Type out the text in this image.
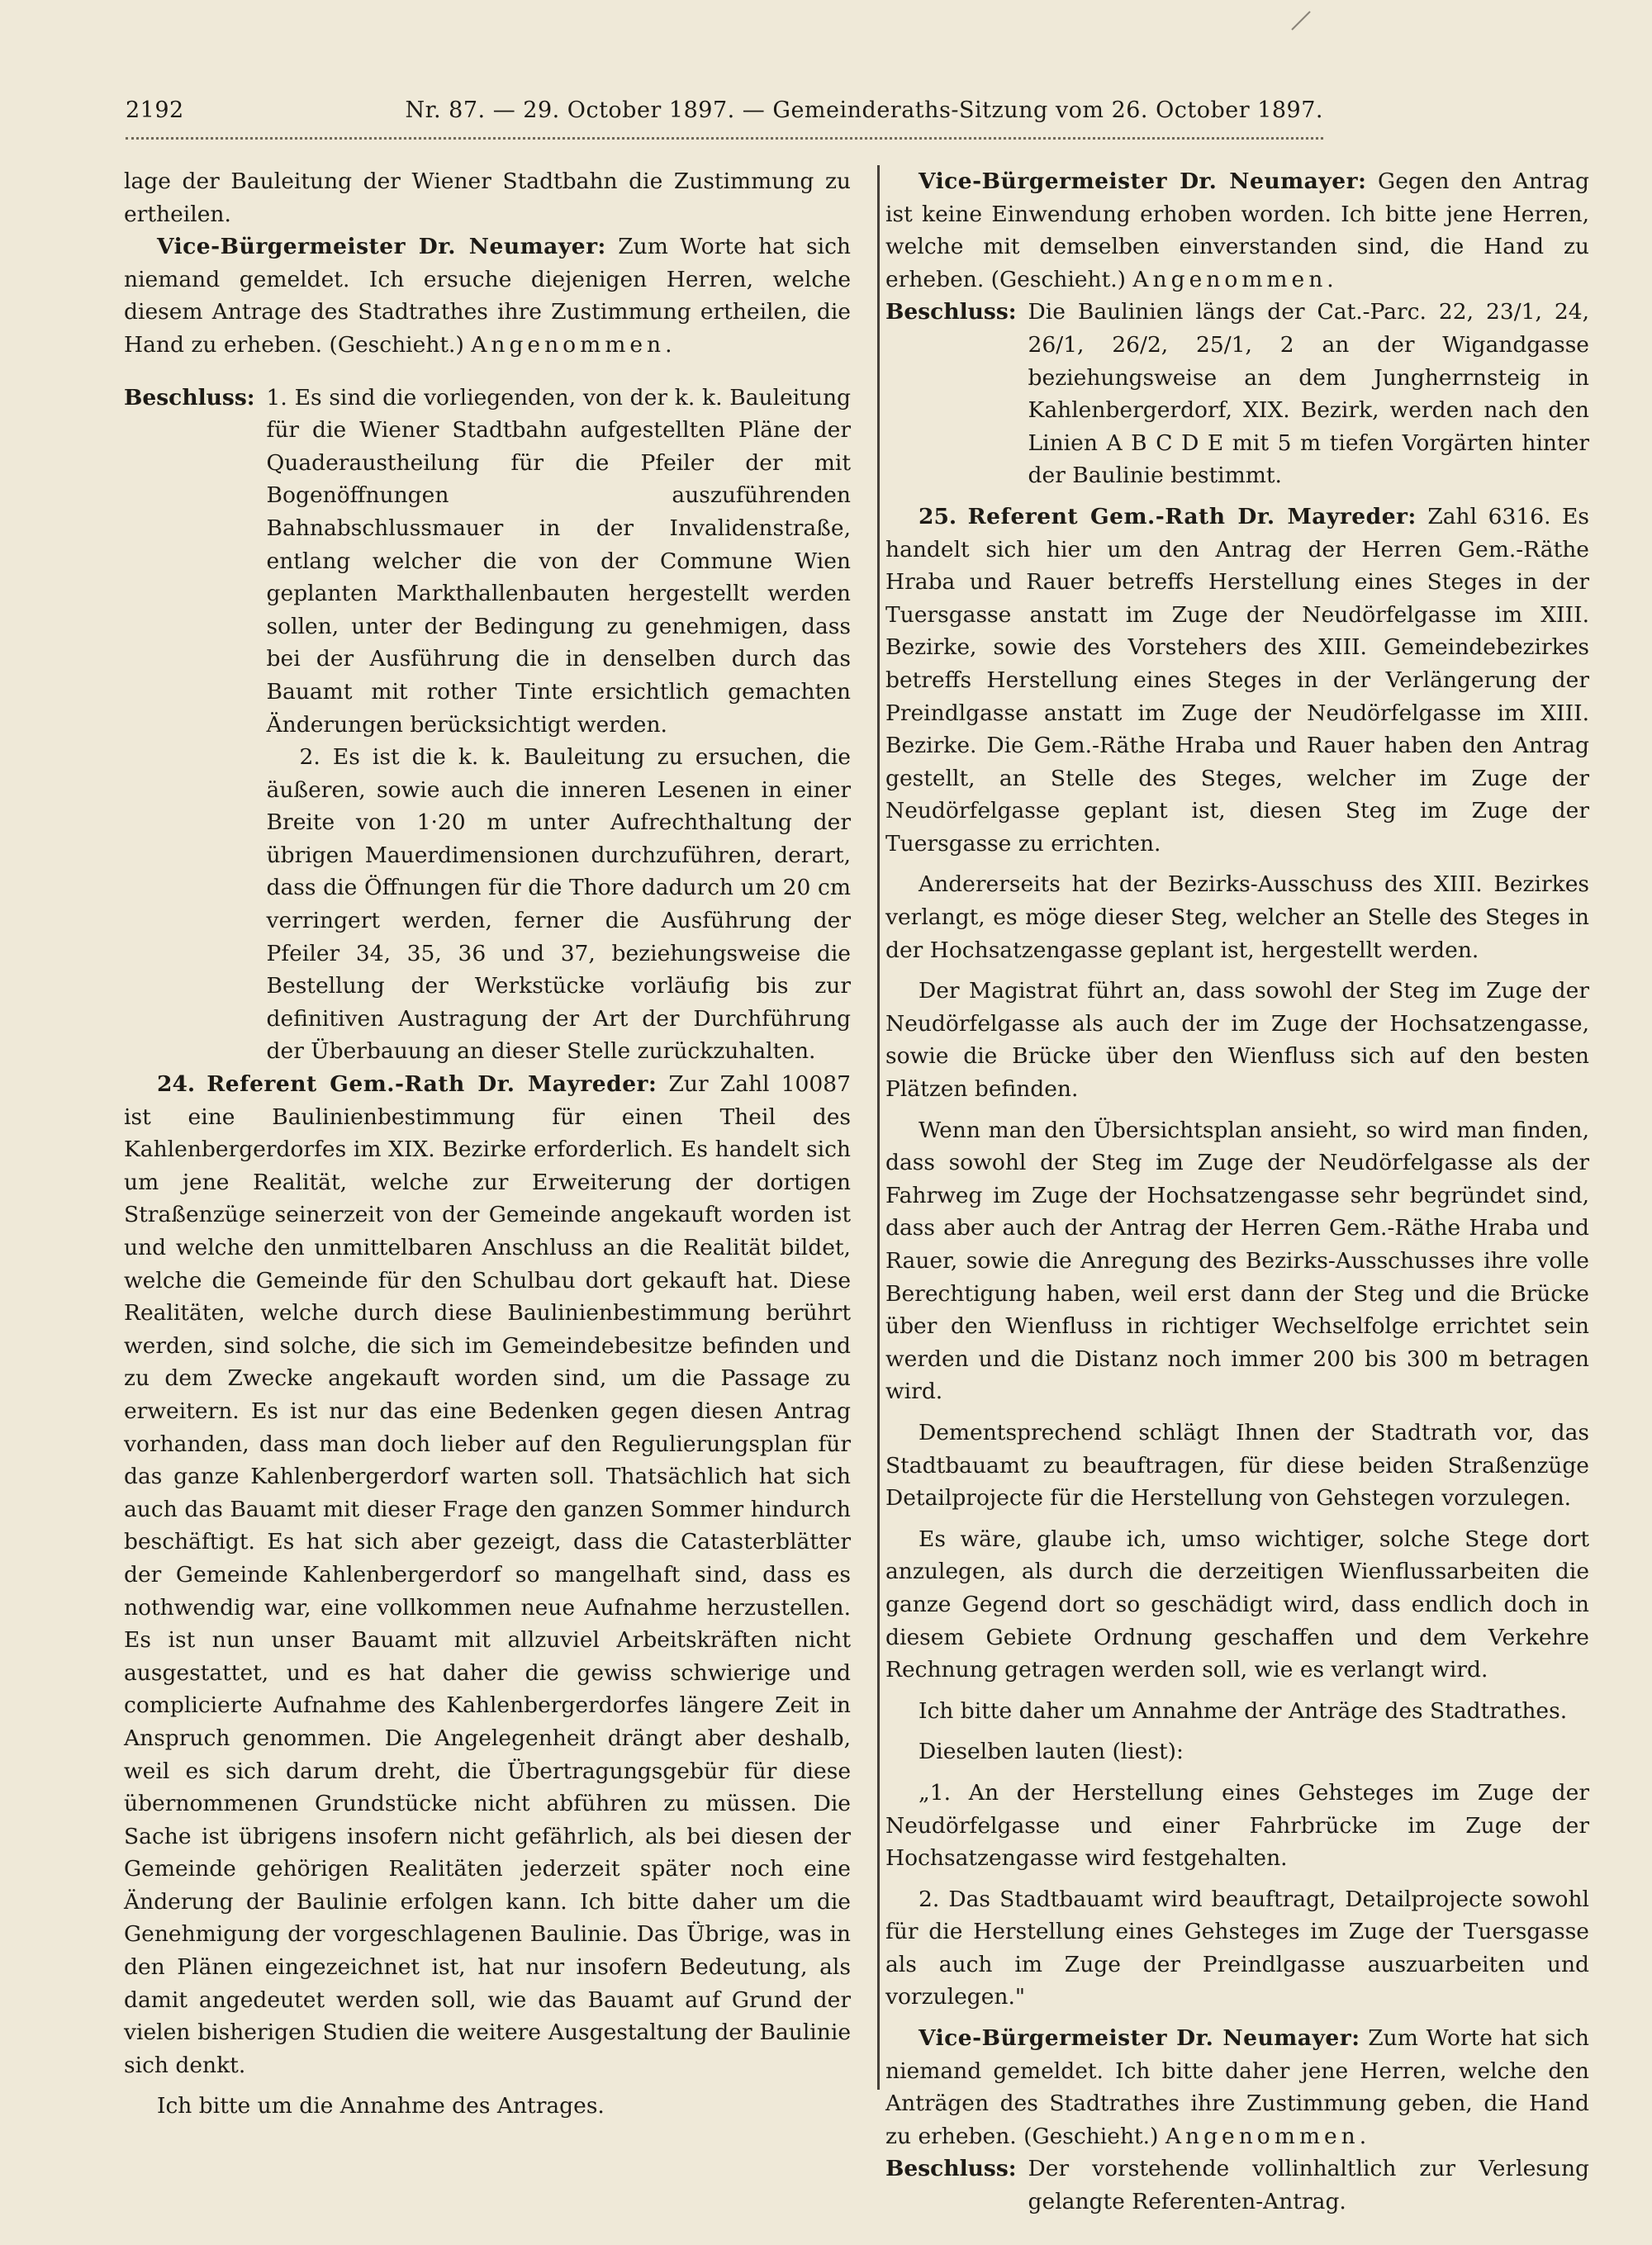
2192	Nr. 87. — 29. October 1897. — Gemeinderaths-Sitzung vom 26. October 1897.

lage der Bauleitung der Wiener Stadtbahn die Zustimmung zu ertheilen.

Vice-Bürgermeister Dr. Neumayer: Zum Worte hat sich niemand gemeldet. Ich ersuche diejenigen Herren, welche diesem Antrage des Stadtrathes ihre Zustimmung ertheilen, die Hand zu erheben. (Geschieht.) Angenommen.

Beschluss: 1. Es sind die vorliegenden, von der k. k. Bauleitung für die Wiener Stadtbahn aufgestellten Pläne der Quaderaustheilung für die Pfeiler der mit Bogenöffnungen auszuführenden Bahnabschlussmauer in der Invalidenstraße, entlang welcher die von der Commune Wien geplanten Markthallenbauten hergestellt werden sollen, unter der Bedingung zu genehmigen, dass bei der Ausführung die in denselben durch das Bauamt mit rother Tinte ersichtlich gemachten Änderungen berücksichtigt werden.

2. Es ist die k. k. Bauleitung zu ersuchen, die äußeren, sowie auch die inneren Lesenen in einer Breite von 1·20 m unter Aufrechthaltung der übrigen Mauerdimensionen durchzuführen, derart, dass die Öffnungen für die Thore dadurch um 20 cm verringert werden, ferner die Ausführung der Pfeiler 34, 35, 36 und 37, beziehungsweise die Bestellung der Werkstücke vorläufig bis zur definitiven Austragung der Art der Durchführung der Überbauung an dieser Stelle zurückzuhalten.

24. Referent Gem.-Rath Dr. Mayreder: Zur Zahl 10087 ist eine Baulinienbestimmung für einen Theil des Kahlenbergerdorfes im XIX. Bezirke erforderlich. Es handelt sich um jene Realität, welche zur Erweiterung der dortigen Straßenzüge seinerzeit von der Gemeinde angekauft worden ist und welche den unmittelbaren Anschluss an die Realität bildet, welche die Gemeinde für den Schulbau dort gekauft hat. Diese Realitäten, welche durch diese Baulinienbestimmung berührt werden, sind solche, die sich im Gemeindebesitze befinden und zu dem Zwecke angekauft worden sind, um die Passage zu erweitern. Es ist nur das eine Bedenken gegen diesen Antrag vorhanden, dass man doch lieber auf den Regulierungsplan für das ganze Kahlenbergerdorf warten soll. Thatsächlich hat sich auch das Bauamt mit dieser Frage den ganzen Sommer hindurch beschäftigt. Es hat sich aber gezeigt, dass die Catasterblätter der Gemeinde Kahlenbergerdorf so mangelhaft sind, dass es nothwendig war, eine vollkommen neue Aufnahme herzustellen. Es ist nun unser Bauamt mit allzuviel Arbeitskräften nicht ausgestattet, und es hat daher die gewiss schwierige und complicierte Aufnahme des Kahlenbergerdorfes längere Zeit in Anspruch genommen. Die Angelegenheit drängt aber deshalb, weil es sich darum dreht, die Übertragungsgebür für diese übernommenen Grundstücke nicht abführen zu müssen. Die Sache ist übrigens insofern nicht gefährlich, als bei diesen der Gemeinde gehörigen Realitäten jederzeit später noch eine Änderung der Baulinie erfolgen kann. Ich bitte daher um die Genehmigung der vorgeschlagenen Baulinie. Das Übrige, was in den Plänen eingezeichnet ist, hat nur insofern Bedeutung, als damit angedeutet werden soll, wie das Bauamt auf Grund der vielen bisherigen Studien die weitere Ausgestaltung der Baulinie sich denkt.

Ich bitte um die Annahme des Antrages.

Vice-Bürgermeister Dr. Neumayer: Gegen den Antrag ist keine Einwendung erhoben worden. Ich bitte jene Herren, welche mit demselben einverstanden sind, die Hand zu erheben. (Geschieht.) Angenommen.

Beschluss: Die Baulinien längs der Cat.-Parc. 22, 23/1, 24, 26/1, 26/2, 25/1, 2 an der Wigandgasse beziehungsweise an dem Jungherrnsteig in Kahlenbergerdorf, XIX. Bezirk, werden nach den Linien A B C D E mit 5 m tiefen Vorgärten hinter der Baulinie bestimmt.

25. Referent Gem.-Rath Dr. Mayreder: Zahl 6316. Es handelt sich hier um den Antrag der Herren Gem.-Räthe Hraba und Rauer betreffs Herstellung eines Steges in der Tuersgasse anstatt im Zuge der Neudörfelgasse im XIII. Bezirke, sowie des Vorstehers des XIII. Gemeindebezirkes betreffs Herstellung eines Steges in der Verlängerung der Preindlgasse anstatt im Zuge der Neudörfelgasse im XIII. Bezirke. Die Gem.-Räthe Hraba und Rauer haben den Antrag gestellt, an Stelle des Steges, welcher im Zuge der Neudörfelgasse geplant ist, diesen Steg im Zuge der Tuersgasse zu errichten.

Andererseits hat der Bezirks-Ausschuss des XIII. Bezirkes verlangt, es möge dieser Steg, welcher an Stelle des Steges in der Hochsatzengasse geplant ist, hergestellt werden.

Der Magistrat führt an, dass sowohl der Steg im Zuge der Neudörfelgasse als auch der im Zuge der Hochsatzengasse, sowie die Brücke über den Wienfluss sich auf den besten Plätzen befinden.

Wenn man den Übersichtsplan ansieht, so wird man finden, dass sowohl der Steg im Zuge der Neudörfelgasse als der Fahrweg im Zuge der Hochsatzengasse sehr begründet sind, dass aber auch der Antrag der Herren Gem.-Räthe Hraba und Rauer, sowie die Anregung des Bezirks-Ausschusses ihre volle Berechtigung haben, weil erst dann der Steg und die Brücke über den Wienfluss in richtiger Wechselfolge errichtet sein werden und die Distanz noch immer 200 bis 300 m betragen wird.

Dementsprechend schlägt Ihnen der Stadtrath vor, das Stadtbauamt zu beauftragen, für diese beiden Straßenzüge Detailprojecte für die Herstellung von Gehstegen vorzulegen.

Es wäre, glaube ich, umso wichtiger, solche Stege dort anzulegen, als durch die derzeitigen Wienflussarbeiten die ganze Gegend dort so geschädigt wird, dass endlich doch in diesem Gebiete Ordnung geschaffen und dem Verkehre Rechnung getragen werden soll, wie es verlangt wird.

Ich bitte daher um Annahme der Anträge des Stadtrathes.

Dieselben lauten (liest):

„1. An der Herstellung eines Gehsteges im Zuge der Neudörfelgasse und einer Fahrbrücke im Zuge der Hochsatzengasse wird festgehalten.

2. Das Stadtbauamt wird beauftragt, Detailprojecte sowohl für die Herstellung eines Gehsteges im Zuge der Tuersgasse als auch im Zuge der Preindlgasse auszuarbeiten und vorzulegen."

Vice-Bürgermeister Dr. Neumayer: Zum Worte hat sich niemand gemeldet. Ich bitte daher jene Herren, welche den Anträgen des Stadtrathes ihre Zustimmung geben, die Hand zu erheben. (Geschieht.) Angenommen.

Beschluss: Der vorstehende vollinhaltlich zur Verlesung gelangte Referenten-Antrag.
